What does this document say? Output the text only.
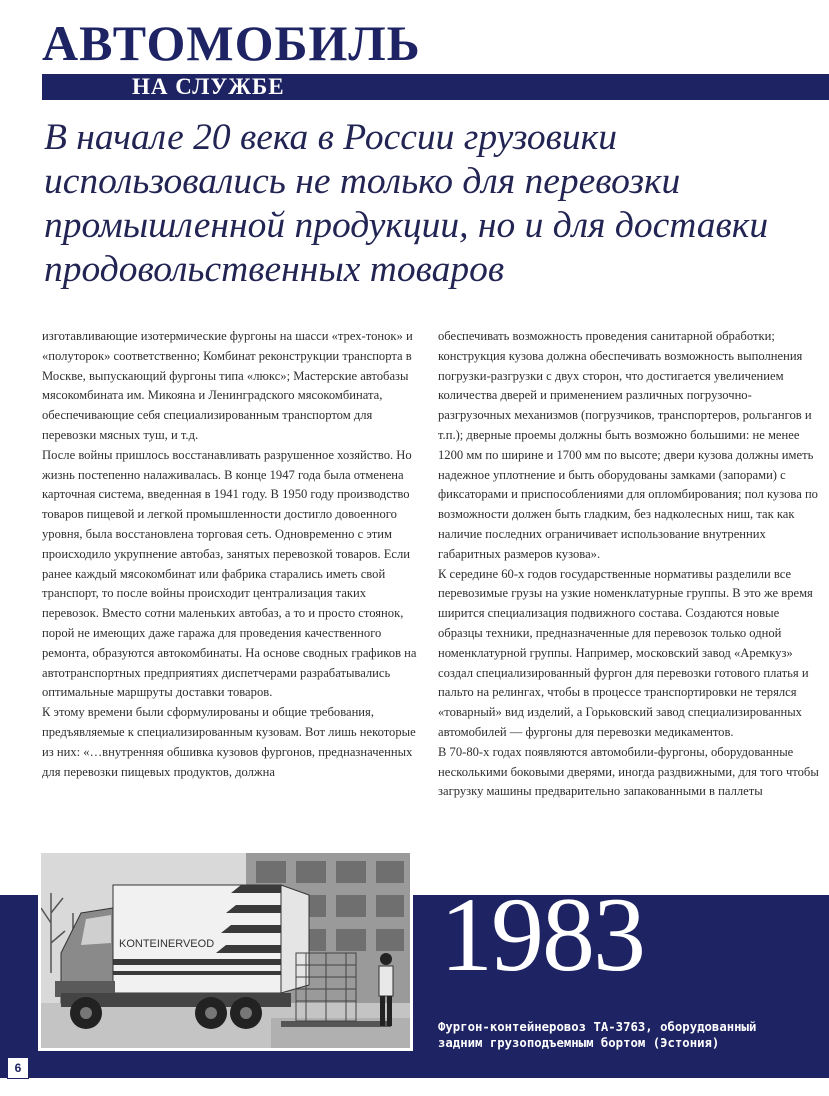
АВТОМОБИЛЬ
НА СЛУЖБЕ
В начале 20 века в России грузовики использовались не только для перевозки промышленной продукции, но и для доставки продовольственных товаров

изготавливающие изотермические фургоны на шасси «трех-тонок» и «полуторок» соответственно; Комбинат реконструкции транспорта в Москве, выпускающий фургоны типа «люкс»; Мастерские автобазы мясокомбината им. Микояна и Ленинградского мясокомбината, обеспечивающие себя специализированным транспортом для перевозки мясных туш, и т.д.

После войны пришлось восстанавливать разрушенное хозяйство. Но жизнь постепенно налаживалась. В конце 1947 года была отменена карточная система, введенная в 1941 году. В 1950 году производство товаров пищевой и легкой промышленности достигло довоенного уровня, была восстановлена торговая сеть. Одновременно с этим происходило укрупнение автобаз, занятых перевозкой товаров. Если ранее каждый мясокомбинат или фабрика старались иметь свой транспорт, то после войны происходит централизация таких перевозок. Вместо сотни маленьких автобаз, а то и просто стоянок, порой не имеющих даже гаража для проведения качественного ремонта, образуются автокомбинаты. На основе сводных графиков на автотранспортных предприятиях диспетчерами разрабатывались оптимальные маршруты доставки товаров.

К этому времени были сформулированы и общие требования, предъявляемые к специализированным кузовам. Вот лишь некоторые из них: «…внутренняя обшивка кузовов фургонов, предназначенных для перевозки пищевых продуктов, должна

обеспечивать возможность проведения санитарной обработки; конструкция кузова должна обеспечивать возможность выполнения погрузки-разгрузки с двух сторон, что достигается увеличением количества дверей и применением различных погрузочно-разгрузочных механизмов (погрузчиков, транспортеров, рольгангов и т.п.); дверные проемы должны быть возможно большими: не менее 1200 мм по ширине и 1700 мм по высоте; двери кузова должны иметь надежное уплотнение и быть оборудованы замками (запорами) с фиксаторами и приспособлениями для опломбирования; пол кузова по возможности должен быть гладким, без надколесных ниш, так как наличие последних ограничивает использование внутренних габаритных размеров кузова».

К середине 60-х годов государственные нормативы разделили все перевозимые грузы на узкие номенклатурные группы. В это же время ширится специализация подвижного состава. Создаются новые образцы техники, предназначенные для перевозок только одной номенклатурной группы. Например, московский завод «Аремкуз» создал специализированный фургон для перевозки готового платья и пальто на релингах, чтобы в процессе транспортировки не терялся «товарный» вид изделий, а Горьковский завод специализированных автомобилей — фургоны для перевозки медикаментов.

В 70-80-х годах появляются автомобили-фургоны, оборудованные несколькими боковыми дверями, иногда раздвижными, для того чтобы загрузку машины предварительно запакованными в паллеты

KONTEINERVEOD 1983
Фургон-контейнеровоз ТА-3763, оборудованный задним грузоподъемным бортом (Эстония)
6
